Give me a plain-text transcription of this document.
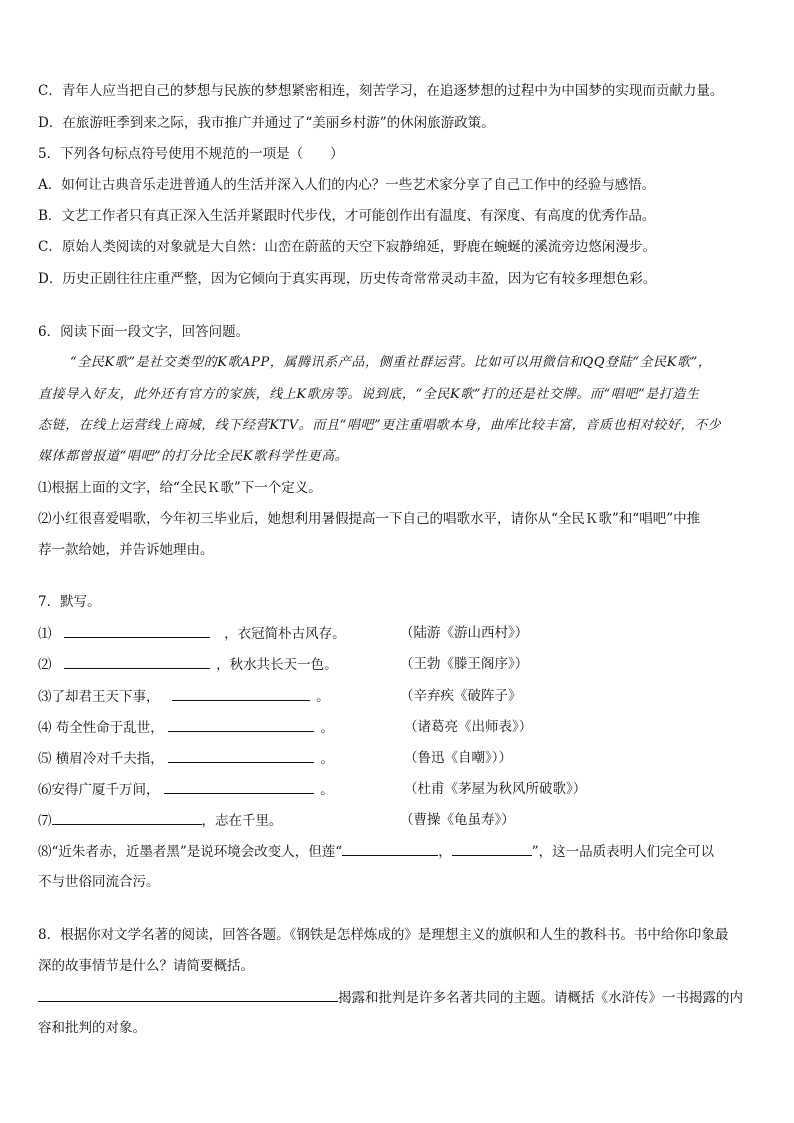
C．青年人应当把自己的梦想与民族的梦想紧密相连，刻苦学习，在追逐梦想的过程中为中国梦的实现而贡献力量。
D．在旅游旺季到来之际，我市推广并通过了“美丽乡村游”的休闲旅游政策。
5．下列各句标点符号使用不规范的一项是（　　）
A．如何让古典音乐走进普通人的生活并深入人们的内心？一些艺术家分享了自己工作中的经验与感悟。
B．文艺工作者只有真正深入生活并紧跟时代步伐，才可能创作出有温度、有深度、有高度的优秀作品。
C．原始人类阅读的对象就是大自然：山峦在蔚蓝的天空下寂静绵延，野鹿在蜿蜒的溪流旁边悠闲漫步。
D．历史正剧往往庄重严整，因为它倾向于真实再现，历史传奇常常灵动丰盈，因为它有较多理想色彩。
6．阅读下面一段文字，回答问题。
“全民K歌”是社交类型的K歌APP，属腾讯系产品，侧重社群运营。比如可以用微信和QQ登陆“全民K歌”，
直接导入好友，此外还有官方的家族，线上K歌房等。说到底，“全民K歌”打的还是社交牌。而“唱吧”是打造生
态链，在线上运营线上商城，线下经营KTV。而且“唱吧”更注重唱歌本身，曲库比较丰富，音质也相对较好，不少
媒体都曾报道“唱吧”的打分比全民K歌科学性更高。
⑴根据上面的文字，给“全民Ｋ歌”下一个定义。
⑵小红很喜爱唱歌，今年初三毕业后，她想利用暑假提高一下自己的唱歌水平，请你从“全民Ｋ歌”和“唱吧”中推
荐一款给她，并告诉她理由。
7．默写。
⑴	，衣冠简朴古风存。	（陆游《游山西村》）
⑵	，秋水共长天一色。	（王勃《滕王阁序》）
⑶了却君王天下事，	。	（辛弃疾《破阵子》
⑷ 苟全性命于乱世，	。	（诸葛亮《出师表》）
⑸ 横眉冷对千夫指，	。	（鲁迅《自嘲》））
⑹安得广厦千万间，	。	（杜甫《茅屋为秋风所破歌》）
⑺	，志在千里。	（曹操《龟虽寿》）
⑻“近朱者赤，近墨者黑”是说环境会改变人，但莲“	，	”，这一品质表明人们完全可以
不与世俗同流合污。
8．根据你对文学名著的阅读，回答各题。《钢铁是怎样炼成的》是理想主义的旗帜和人生的教科书。书中给你印象最
深的故事情节是什么？请简要概括。
揭露和批判是许多名著共同的主题。请概括《水浒传》一书揭露的内
容和批判的对象。
